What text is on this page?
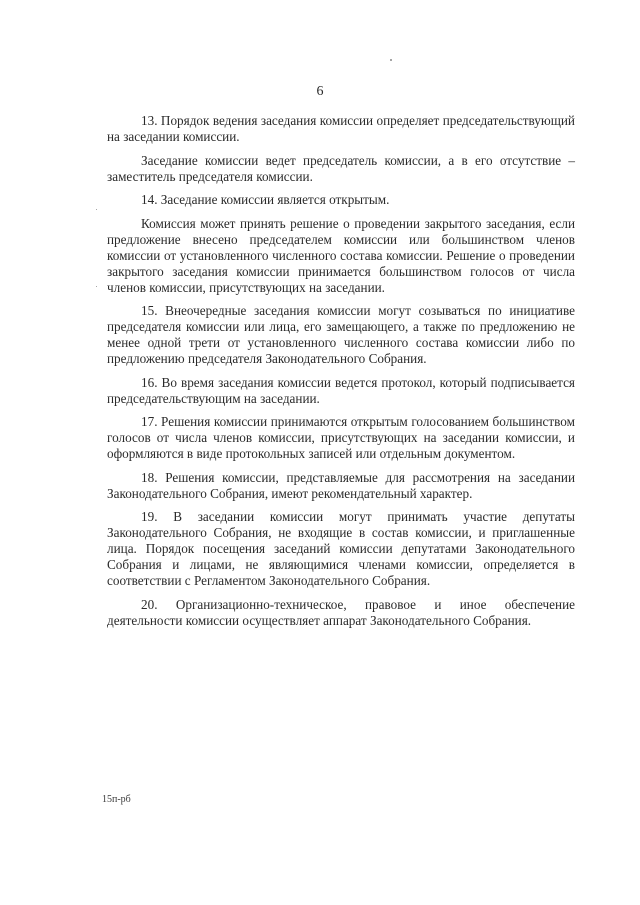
6

13. Порядок ведения заседания комиссии определяет председательствующий на заседании комиссии.

Заседание комиссии ведет председатель комиссии, а в его отсутствие – заместитель председателя комиссии.

14. Заседание комиссии является открытым.

Комиссия может принять решение о проведении закрытого заседания, если предложение внесено председателем комиссии или большинством членов комиссии от установленного численного состава комиссии. Решение о проведении закрытого заседания комиссии принимается большинством голосов от числа членов комиссии, присутствующих на заседании.

15. Внеочередные заседания комиссии могут созываться по инициативе председателя комиссии или лица, его замещающего, а также по предложению не менее одной трети от установленного численного состава комиссии либо по предложению председателя Законодательного Собрания.

16. Во время заседания комиссии ведется протокол, который подписывается председательствующим на заседании.

17. Решения комиссии принимаются открытым голосованием большинством голосов от числа членов комиссии, присутствующих на заседании комиссии, и оформляются в виде протокольных записей или отдельным документом.

18. Решения комиссии, представляемые для рассмотрения на заседании Законодательного Собрания, имеют рекомендательный характер.

19. В заседании комиссии могут принимать участие депутаты Законодательного Собрания, не входящие в состав комиссии, и приглашенные лица. Порядок посещения заседаний комиссии депутатами Законодательного Собрания и лицами, не являющимися членами комиссии, определяется в соответствии с Регламентом Законодательного Собрания.

20. Организационно-техническое, правовое и иное обеспечение деятельности комиссии осуществляет аппарат Законодательного Собрания.

15п-рб
